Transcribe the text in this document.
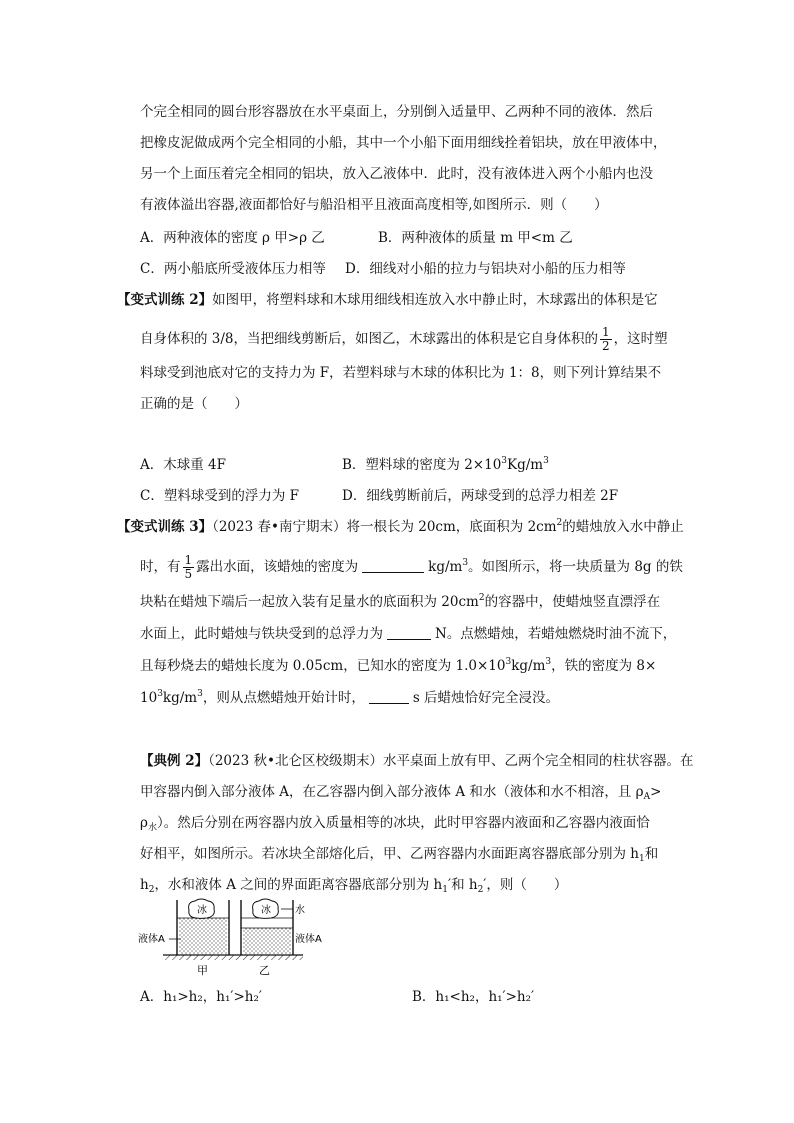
个完全相同的圆台形容器放在水平桌面上，分别倒入适量甲、乙两种不同的液体．然后
把橡皮泥做成两个完全相同的小船，其中一个小船下面用细线拴着铝块，放在甲液体中，
另一个上面压着完全相同的铝块，放入乙液体中．此时，没有液体进入两个小船内也没
有液体溢出容器,液面都恰好与船沿相平且液面高度相等,如图所示．则（　　）
A．两种液体的密度 ρ 甲>ρ 乙	B．两种液体的质量 m 甲<m 乙
C．两小船底所受液体压力相等 D．细线对小船的拉力与铝块对小船的压力相等
【变式训练 2】如图甲，将塑料球和木球用细线相连放入水中静止时，木球露出的体积是它
自身体积的 3/8，当把细线剪断后，如图乙，木球露出的体积是它自身体积的 $\frac{1}{2}$ ，这时塑
料球受到池底对它的支持力为 F，若塑料球与木球的体积比为 1：8，则下列计算结果不
正确的是（　　）
A．木球重 4F	B．塑料球的密度为 $2\times 10^3Kg/m^3$
C．塑料球受到的浮力为 F	D．细线剪断前后，两球受到的总浮力相差 2F
【变式训练 3】（2023 春•南宁期末）将一根长为 20cm，底面积为 $2cm^2$的蜡烛放入水中静止
时，有 $\frac{1}{5}$ 露出水面，该蜡烛的密度为	$kg/m^3$。如图所示，将一块质量为 8g 的铁
块粘在蜡烛下端后一起放入装有足量水的底面积为 $20cm^2$的容器中，使蜡烛竖直漂浮在
水面上，此时蜡烛与铁块受到的总浮力为	N。点燃蜡烛，若蜡烛燃烧时油不流下，
且每秒烧去的蜡烛长度为 0.05cm，已知水的密度为 $1.0\times 10^3kg/m^3$，铁的密度为 8×
$10^3kg/m^3$，则从点燃蜡烛开始计时，	s 后蜡烛恰好完全浸没。
【典例 2】（2023 秋•北仑区校级期末）水平桌面上放有甲、乙两个完全相同的柱状容器。在
甲容器内倒入部分液体 A，在乙容器内倒入部分液体 A 和水（液体和水不相溶，且 $\rho_A>$
$\rho_水$）。然后分别在两容器内放入质量相等的冰块，此时甲容器内液面和乙容器内液面恰
好相平，如图所示。若冰块全部熔化后，甲、乙两容器内水面距离容器底部分别为 $h_1$和
$h_2$，水和液体 A 之间的界面距离容器底部分别为 $h_1'$和 $h_2'$，则（　　）
冰	冰 水
液体A	液体A
甲	乙
A．h₁>h₂，h₁′>h₂′	B．h₁<h₂，h₁′>h₂′
